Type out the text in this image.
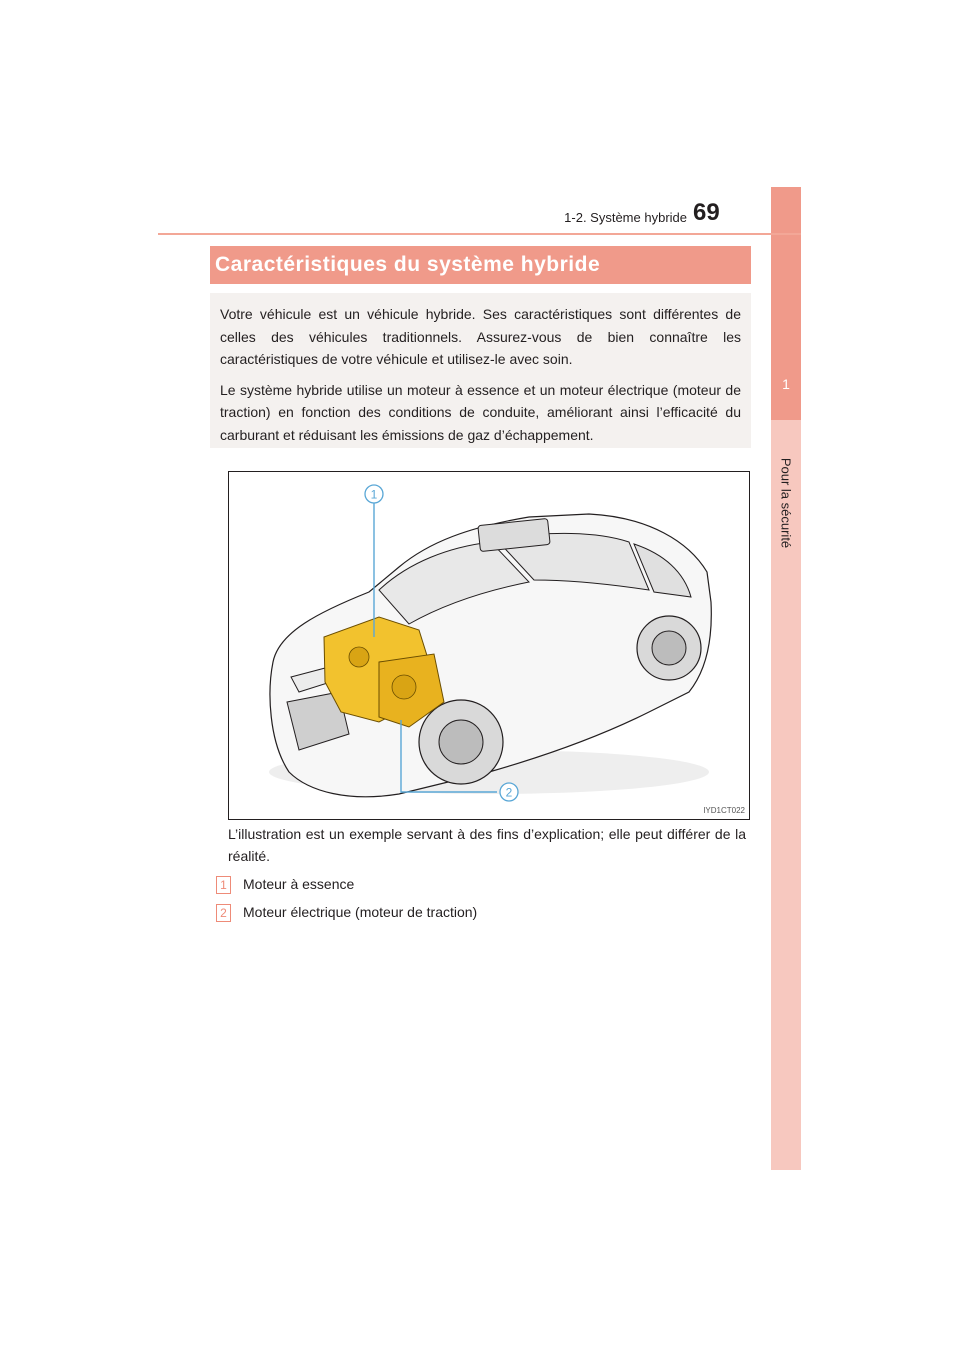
1
Pour la sécurité
1-2. Système hybride 69
Caractéristiques du système hybride

Votre véhicule est un véhicule hybride. Ses caractéristiques sont différentes de celles des véhicules traditionnels. Assurez-vous de bien connaître les caractéristiques de votre véhicule et utilisez-le avec soin.

Le système hybride utilise un moteur à essence et un moteur électrique (moteur de traction) en fonction des conditions de conduite, améliorant ainsi l’efficacité du carburant et réduisant les émissions de gaz d’échappement.

1
2
IYD1CT022
L’illustration est un exemple servant à des fins d’explication; elle peut différer de la réalité.
1 Moteur à essence
2 Moteur électrique (moteur de traction)
